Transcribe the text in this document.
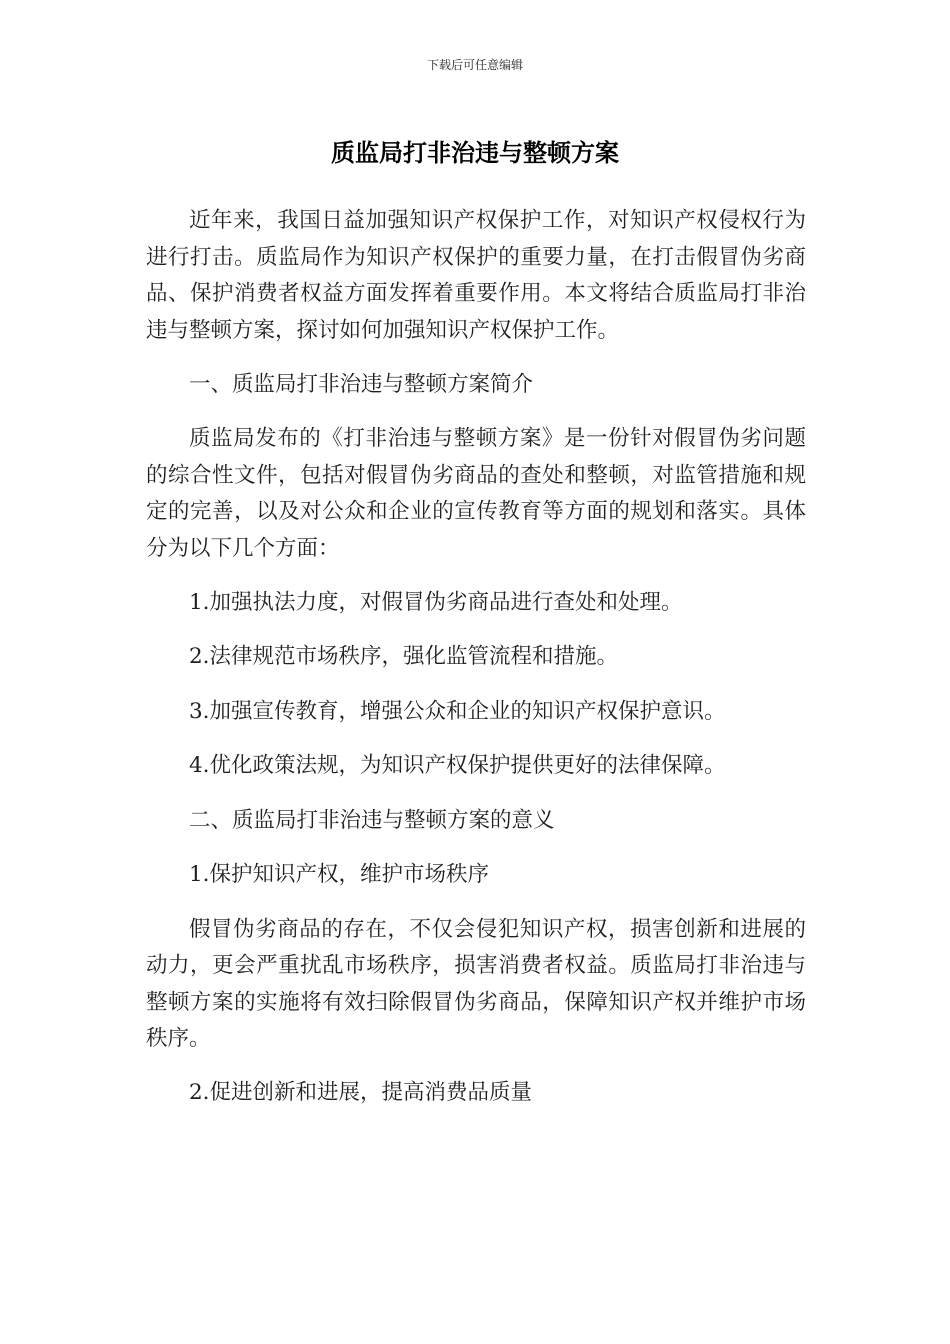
下载后可任意编辑
质监局打非治违与整顿方案

近年来，我国日益加强知识产权保护工作，对知识产权侵权行为进行打击。质监局作为知识产权保护的重要力量，在打击假冒伪劣商品、保护消费者权益方面发挥着重要作用。本文将结合质监局打非治违与整顿方案，探讨如何加强知识产权保护工作。

一、质监局打非治违与整顿方案简介

质监局发布的《打非治违与整顿方案》是一份针对假冒伪劣问题的综合性文件，包括对假冒伪劣商品的查处和整顿，对监管措施和规定的完善，以及对公众和企业的宣传教育等方面的规划和落实。具体分为以下几个方面：

1.加强执法力度，对假冒伪劣商品进行查处和处理。

2.法律规范市场秩序，强化监管流程和措施。

3.加强宣传教育，增强公众和企业的知识产权保护意识。

4.优化政策法规，为知识产权保护提供更好的法律保障。

二、质监局打非治违与整顿方案的意义

1.保护知识产权，维护市场秩序

假冒伪劣商品的存在，不仅会侵犯知识产权，损害创新和进展的动力，更会严重扰乱市场秩序，损害消费者权益。质监局打非治违与整顿方案的实施将有效扫除假冒伪劣商品，保障知识产权并维护市场秩序。

2.促进创新和进展，提高消费品质量
